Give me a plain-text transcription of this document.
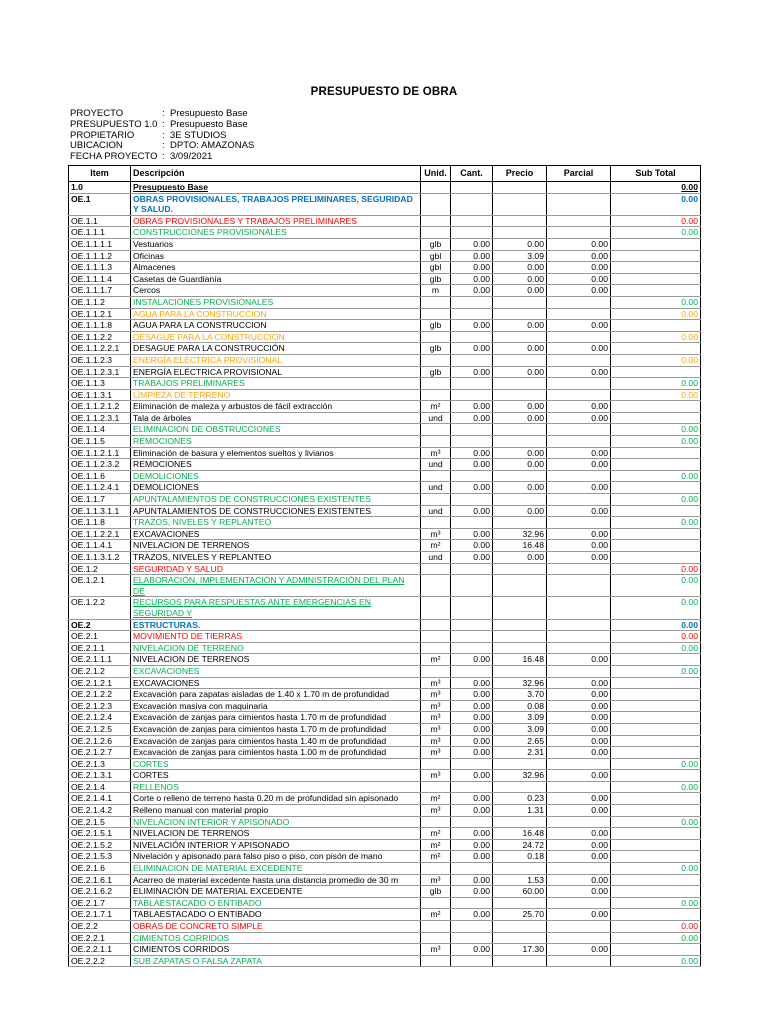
PRESUPUESTO DE OBRA
PROYECTO	: Presupuesto Base
PRESUPUESTO 1.0 : Presupuesto Base
PROPIETARIO	: 3E STUDIOS
UBICACION	: DPTO: AMAZONAS
FECHA PROYECTO : 3/09/2021
Item	Descripción	Unid.	Cant.	Precio	Parcial	Sub Total
1.0	Presupuesto Base					0.00
OE.1	OBRAS PROVISIONALES, TRABAJOS PRELIMINARES, SEGURIDAD Y SALUD.					0.00
OE.1.1	OBRAS PROVISIONALES Y TRABAJOS PRELIMINARES					0.00
OE.1.1.1	CONSTRUCCIONES PROVISIONALES					0.00
OE.1.1.1.1	Vestuarios	glb	0.00	0.00	0.00	
OE.1.1.1.2	Oficinas	gbl	0.00	3.09	0.00	
OE.1.1.1.3	Almacenes	gbl	0.00	0.00	0.00	
OE.1.1.1.4	Casetas de Guardianía	glb	0.00	0.00	0.00	
OE.1.1.1.7	Cercos	m	0.00	0.00	0.00	
OE.1.1.2	INSTALACIONES PROVISIONALES					0.00
OE.1.1.2.1	AGUA PARA LA CONSTRUCCION					0.00
OE.1.1.1.8	AGUA PARA LA CONSTRUCCION	glb	0.00	0.00	0.00	
OE.1.1.2.2	DESAGUE PARA LA CONSTRUCCION					0.00
OE.1.1.2.2.1	DESAGUE PARA LA CONSTRUCCIÓN	glb	0.00	0.00	0.00	
OE.1.1.2.3	ENERGÍA ELÉCTRICA PROVISIONAL					0.00
OE.1.1.2.3.1	ENERGÍA ELÉCTRICA PROVISIONAL	glb	0.00	0.00	0.00	
OE.1.1.3	TRABAJOS PRELIMINARES					0.00
OE.1.1.3.1	LIMPIEZA DE TERRENO					0.00
OE.1.1.2.1.2	Eliminación de maleza y arbustos de fácil extracción	m²	0.00	0.00	0.00	
OE.1.1.2.3.1	Tala de árboles	und	0.00	0.00	0.00	
OE.1.1.4	ELIMINACION DE OBSTRUCCIONES					0.00
OE.1.1.5	REMOCIONES					0.00
OE.1.1.2.1.1	Eliminación de basura y elementos sueltos y livianos	m³	0.00	0.00	0.00	
OE.1.1.2.3.2	REMOCIONES	und	0.00	0.00	0.00	
OE.1.1.6	DEMOLICIONES					0.00
OE.1.1.2.4.1	DEMOLICIONES	und	0.00	0.00	0.00	
OE.1.1.7	APUNTALAMIENTOS DE CONSTRUCCIONES EXISTENTES					0.00
OE.1.1.3.1.1	APUNTALAMIENTOS DE CONSTRUCCIONES EXISTENTES	und	0.00	0.00	0.00	
OE.1.1.8	TRAZOS, NIVELES Y REPLANTEO					0.00
OE.1.1.2.2.1	EXCAVACIONES	m³	0.00	32.96	0.00	
OE.1.1.4.1	NIVELACION DE TERRENOS	m²	0.00	16.48	0.00	
OE.1.1.3.1.2	TRAZOS, NIVELES Y REPLANTEO	und	0.00	0.00	0.00	
OE.1.2	SEGURIDAD Y SALUD					0.00
OE.1.2.1	ELABORACIÓN, IMPLEMENTACIÓN Y ADMINISTRACIÓN DEL PLAN DE					0.00
OE.1.2.2	RECURSOS PARA RESPUESTAS ANTE EMERGENCIAS EN SEGURIDAD Y					0.00
OE.2	ESTRUCTURAS.					0.00
OE.2.1	MOVIMIENTO DE TIERRAS					0.00
OE.2.1.1	NIVELACION DE TERRENO					0.00
OE.2.1.1.1	NIVELACION DE TERRENOS	m²	0.00	16.48	0.00	
OE.2.1.2	EXCAVACIONES					0.00
OE.2.1.2.1	EXCAVACIONES	m³	0.00	32.96	0.00	
OE.2.1.2.2	Excavación para zapatas aisladas de 1.40 x 1.70 m de profundidad	m³	0.00	3.70	0.00	
OE.2.1.2.3	Excavación masiva con maquinaria	m³	0.00	0.08	0.00	
OE.2.1.2.4	Excavación de zanjas para cimientos hasta 1.70 m de profundidad	m³	0.00	3.09	0.00	
OE.2.1.2.5	Excavación de zanjas para cimientos hasta 1.70 m de profundidad	m³	0.00	3.09	0.00	
OE.2.1.2.6	Excavación de zanjas para cimientos hasta 1.40 m de profundidad	m³	0.00	2.65	0.00	
OE.2.1.2.7	Excavación de zanjas para cimientos hasta 1.00 m de profundidad	m³	0.00	2.31	0.00	
OE.2.1.3	CORTES					0.00
OE.2.1.3.1	CORTES	m³	0.00	32.96	0.00	
OE.2.1.4	RELLENOS					0.00
OE.2.1.4.1	Corte o relleno de terreno hasta 0.20 m de profundidad sin apisonado	m²	0.00	0.23	0.00	
OE.2.1.4.2	Relleno manual con material propio	m³	0.00	1.31	0.00	
OE.2.1.5	NIVELACION INTERIOR Y APISONADO					0.00
OE.2.1.5.1	NIVELACION DE TERRENOS	m²	0.00	16.48	0.00	
OE.2.1.5.2	NIVELACIÓN INTERIOR Y APISONADO	m²	0.00	24.72	0.00	
OE.2.1.5.3	Nivelación y apisonado para falso piso o piso, con pisón de mano	m²	0.00	0.18	0.00	
OE.2.1.6	ELIMINACION DE MATERIAL EXCEDENTE					0.00
OE.2.1.6.1	Acarreo de material excedente hasta una distancia promedio de 30 m	m³	0.00	1.53	0.00	
OE.2.1.6.2	ELIMINACIÓN DE MATERIAL EXCEDENTE	glb	0.00	60.00	0.00	
OE.2.1.7	TABLAESTACADO O ENTIBADO					0.00
OE.2.1.7.1	TABLAESTACADO O ENTIBADO	m²	0.00	25.70	0.00	
OE.2.2	OBRAS DE CONCRETO SIMPLE					0.00
OE.2.2.1	CIMIENTOS CORRIDOS					0.00
OE.2.2.1.1	CIMIENTOS CORRIDOS	m³	0.00	17.30	0.00	
OE.2.2.2	SUB ZAPATAS O FALSA ZAPATA					0.00
